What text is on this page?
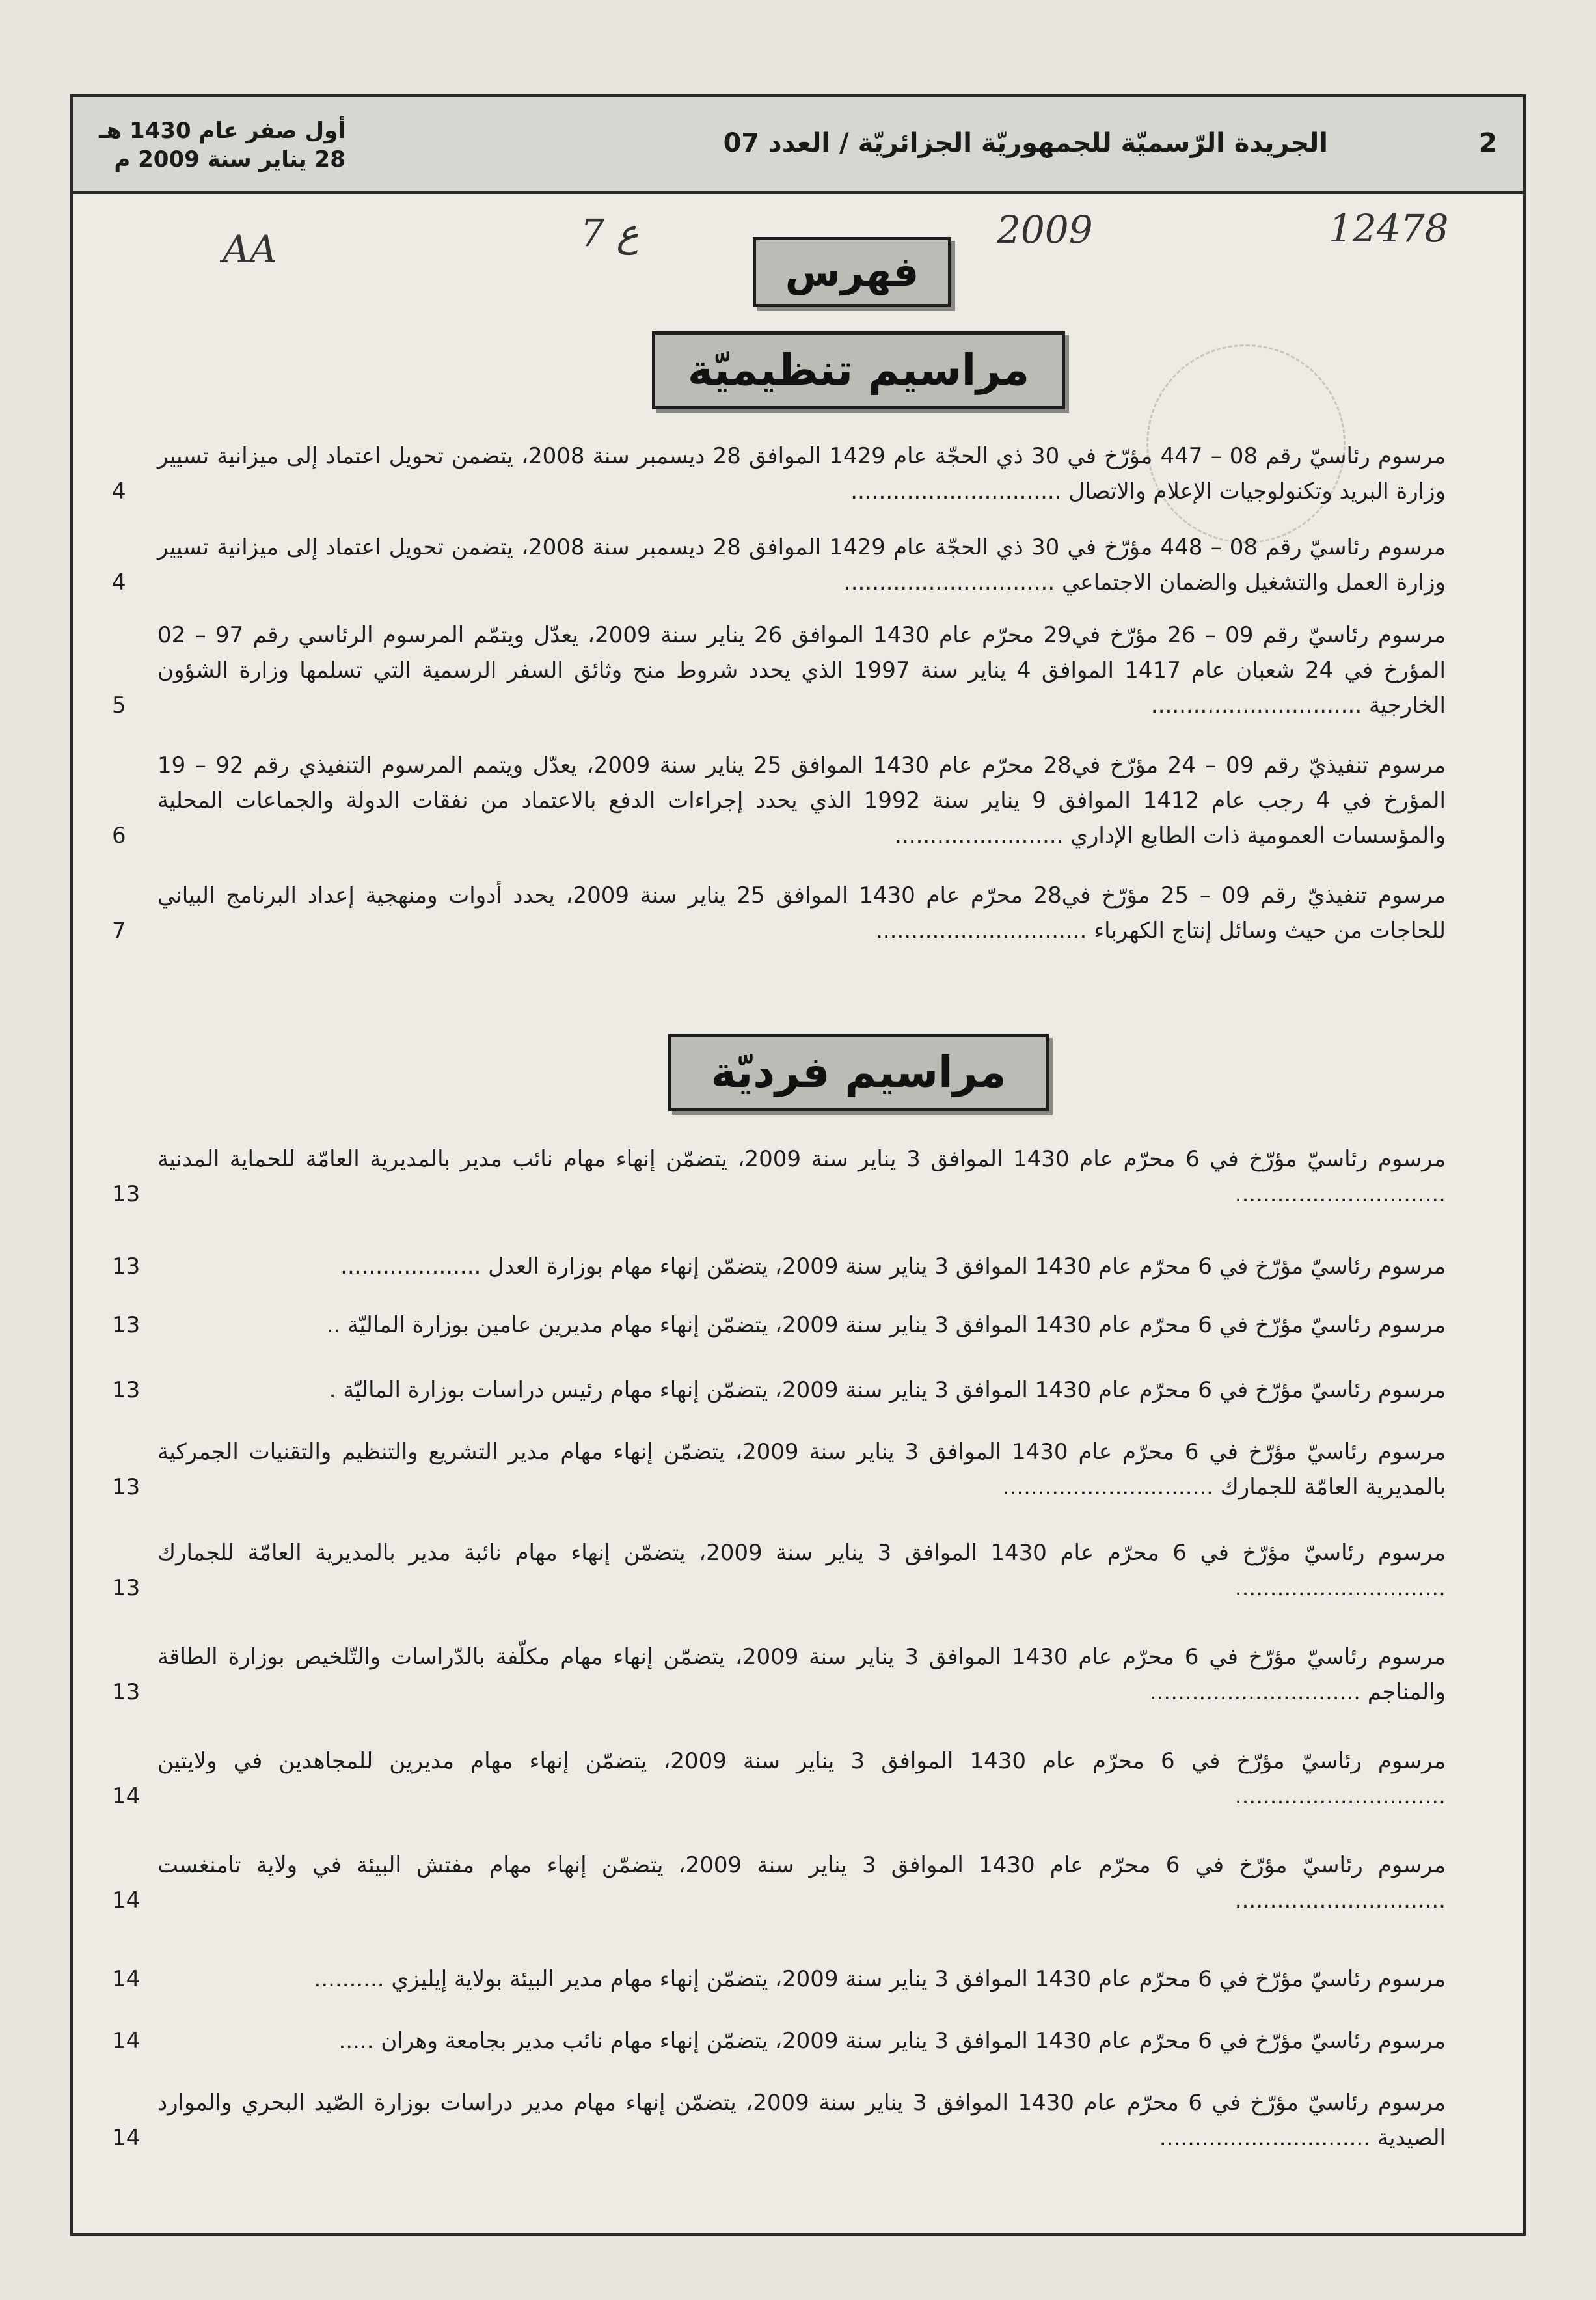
2
الجريدة الرّسميّة للجمهوريّة الجزائريّة / العدد 07
أول صفر عام 1430 هـ
28 يناير سنة 2009 م
AA	7 ع	2009	12478
فهرس
مراسيم تنظيميّة
مرسوم رئاسيّ رقم 08 – 447 مؤرّخ في 30 ذي الحجّة عام 1429 الموافق 28 ديسمبر سنة 2008، يتضمن تحويل اعتماد إلى ميزانية تسيير وزارة البريد وتكنولوجيات الإعلام والاتصال ..............................
4
مرسوم رئاسيّ رقم 08 – 448 مؤرّخ في 30 ذي الحجّة عام 1429 الموافق 28 ديسمبر سنة 2008، يتضمن تحويل اعتماد إلى ميزانية تسيير وزارة العمل والتشغيل والضمان الاجتماعي ..............................
4
مرسوم رئاسيّ رقم 09 – 26 مؤرّخ في29 محرّم عام 1430 الموافق 26 يناير سنة 2009، يعدّل ويتمّم المرسوم الرئاسي رقم 97 – 02 المؤرخ في 24 شعبان عام 1417 الموافق 4 يناير سنة 1997 الذي يحدد شروط منح وثائق السفر الرسمية التي تسلمها وزارة الشؤون الخارجية ..............................
5
مرسوم تنفيذيّ رقم 09 – 24 مؤرّخ في28 محرّم عام 1430 الموافق 25 يناير سنة 2009، يعدّل ويتمم المرسوم التنفيذي رقم 92 – 19 المؤرخ في 4 رجب عام 1412 الموافق 9 يناير سنة 1992 الذي يحدد إجراءات الدفع بالاعتماد من نفقات الدولة والجماعات المحلية والمؤسسات العمومية ذات الطابع الإداري ........................
6
مرسوم تنفيذيّ رقم 09 – 25 مؤرّخ في28 محرّم عام 1430 الموافق 25 يناير سنة 2009، يحدد أدوات ومنهجية إعداد البرنامج البياني للحاجات من حيث وسائل إنتاج الكهرباء ..............................
7
مراسيم فرديّة
مرسوم رئاسيّ مؤرّخ في 6 محرّم عام 1430 الموافق 3 يناير سنة 2009، يتضمّن إنهاء مهام نائب مدير بالمديرية العامّة للحماية المدنية ..............................
13
مرسوم رئاسيّ مؤرّخ في 6 محرّم عام 1430 الموافق 3 يناير سنة 2009، يتضمّن إنهاء مهام بوزارة العدل ....................
13
مرسوم رئاسيّ مؤرّخ في 6 محرّم عام 1430 الموافق 3 يناير سنة 2009، يتضمّن إنهاء مهام مديرين عامين بوزارة الماليّة ..
13
مرسوم رئاسيّ مؤرّخ في 6 محرّم عام 1430 الموافق 3 يناير سنة 2009، يتضمّن إنهاء مهام رئيس دراسات بوزارة الماليّة .
13
مرسوم رئاسيّ مؤرّخ في 6 محرّم عام 1430 الموافق 3 يناير سنة 2009، يتضمّن إنهاء مهام مدير التشريع والتنظيم والتقنيات الجمركية بالمديرية العامّة للجمارك ..............................
13
مرسوم رئاسيّ مؤرّخ في 6 محرّم عام 1430 الموافق 3 يناير سنة 2009، يتضمّن إنهاء مهام نائبة مدير بالمديرية العامّة للجمارك ..............................
13
مرسوم رئاسيّ مؤرّخ في 6 محرّم عام 1430 الموافق 3 يناير سنة 2009، يتضمّن إنهاء مهام مكلّفة بالدّراسات والتّلخيص بوزارة الطاقة والمناجم ..............................
13
مرسوم رئاسيّ مؤرّخ في 6 محرّم عام 1430 الموافق 3 يناير سنة 2009، يتضمّن إنهاء مهام مديرين للمجاهدين في ولايتين ..............................
14
مرسوم رئاسيّ مؤرّخ في 6 محرّم عام 1430 الموافق 3 يناير سنة 2009، يتضمّن إنهاء مهام مفتش البيئة في ولاية تامنغست ..............................
14
مرسوم رئاسيّ مؤرّخ في 6 محرّم عام 1430 الموافق 3 يناير سنة 2009، يتضمّن إنهاء مهام مدير البيئة بولاية إيليزي ..........
14
مرسوم رئاسيّ مؤرّخ في 6 محرّم عام 1430 الموافق 3 يناير سنة 2009، يتضمّن إنهاء مهام نائب مدير بجامعة وهران .....
14
مرسوم رئاسيّ مؤرّخ في 6 محرّم عام 1430 الموافق 3 يناير سنة 2009، يتضمّن إنهاء مهام مدير دراسات بوزارة الصّيد البحري والموارد الصيدية ..............................
14
